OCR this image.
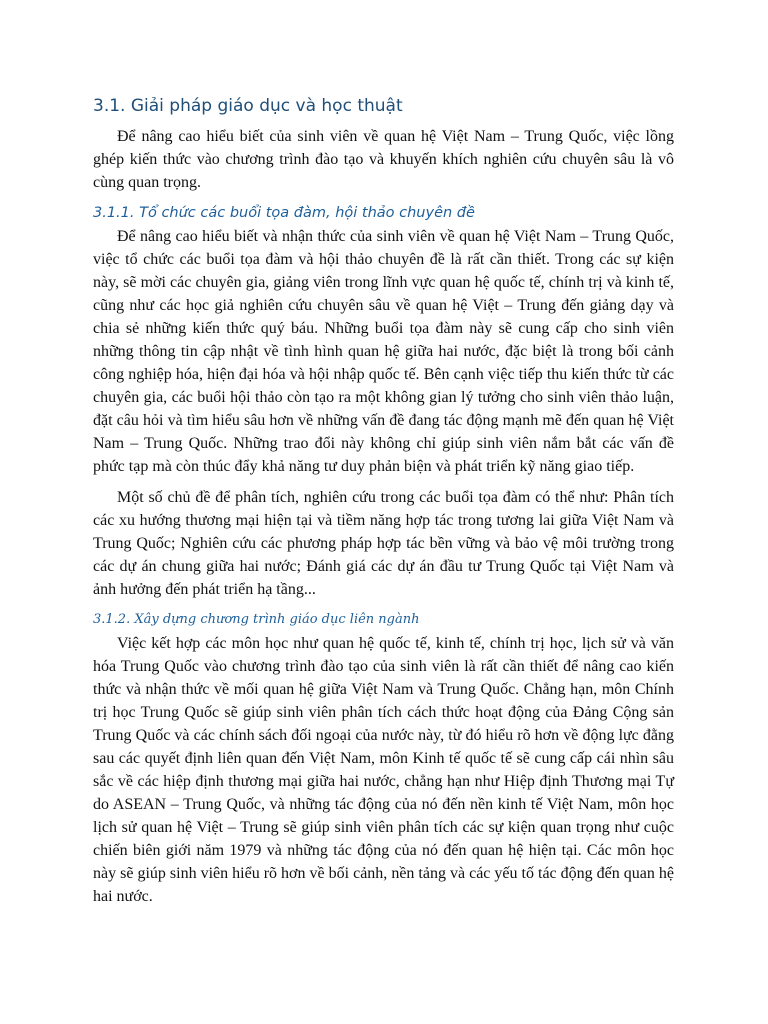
3.1. Giải pháp giáo dục và học thuật

Để nâng cao hiểu biết của sinh viên về quan hệ Việt Nam – Trung Quốc, việc lồng ghép kiến thức vào chương trình đào tạo và khuyến khích nghiên cứu chuyên sâu là vô cùng quan trọng.

3.1.1. Tổ chức các buổi tọa đàm, hội thảo chuyên đề

Để nâng cao hiểu biết và nhận thức của sinh viên về quan hệ Việt Nam – Trung Quốc, việc tổ chức các buổi tọa đàm và hội thảo chuyên đề là rất cần thiết. Trong các sự kiện này, sẽ mời các chuyên gia, giảng viên trong lĩnh vực quan hệ quốc tế, chính trị và kinh tế, cũng như các học giả nghiên cứu chuyên sâu về quan hệ Việt – Trung đến giảng dạy và chia sẻ những kiến thức quý báu. Những buổi tọa đàm này sẽ cung cấp cho sinh viên những thông tin cập nhật về tình hình quan hệ giữa hai nước, đặc biệt là trong bối cảnh công nghiệp hóa, hiện đại hóa và hội nhập quốc tế. Bên cạnh việc tiếp thu kiến thức từ các chuyên gia, các buổi hội thảo còn tạo ra một không gian lý tưởng cho sinh viên thảo luận, đặt câu hỏi và tìm hiểu sâu hơn về những vấn đề đang tác động mạnh mẽ đến quan hệ Việt Nam – Trung Quốc. Những trao đổi này không chỉ giúp sinh viên nắm bắt các vấn đề phức tạp mà còn thúc đẩy khả năng tư duy phản biện và phát triển kỹ năng giao tiếp.

Một số chủ đề để phân tích, nghiên cứu trong các buổi tọa đàm có thể như: Phân tích các xu hướng thương mại hiện tại và tiềm năng hợp tác trong tương lai giữa Việt Nam và Trung Quốc; Nghiên cứu các phương pháp hợp tác bền vững và bảo vệ môi trường trong các dự án chung giữa hai nước; Đánh giá các dự án đầu tư Trung Quốc tại Việt Nam và ảnh hưởng đến phát triển hạ tầng...

3.1.2. Xây dựng chương trình giáo dục liên ngành

Việc kết hợp các môn học như quan hệ quốc tế, kinh tế, chính trị học, lịch sử và văn hóa Trung Quốc vào chương trình đào tạo của sinh viên là rất cần thiết để nâng cao kiến thức và nhận thức về mối quan hệ giữa Việt Nam và Trung Quốc. Chẳng hạn, môn Chính trị học Trung Quốc sẽ giúp sinh viên phân tích cách thức hoạt động của Đảng Cộng sản Trung Quốc và các chính sách đối ngoại của nước này, từ đó hiểu rõ hơn về động lực đằng sau các quyết định liên quan đến Việt Nam, môn Kinh tế quốc tế sẽ cung cấp cái nhìn sâu sắc về các hiệp định thương mại giữa hai nước, chẳng hạn như Hiệp định Thương mại Tự do ASEAN – Trung Quốc, và những tác động của nó đến nền kinh tế Việt Nam, môn học lịch sử quan hệ Việt – Trung sẽ giúp sinh viên phân tích các sự kiện quan trọng như cuộc chiến biên giới năm 1979 và những tác động của nó đến quan hệ hiện tại. Các môn học này sẽ giúp sinh viên hiểu rõ hơn về bối cảnh, nền tảng và các yếu tố tác động đến quan hệ hai nước.
